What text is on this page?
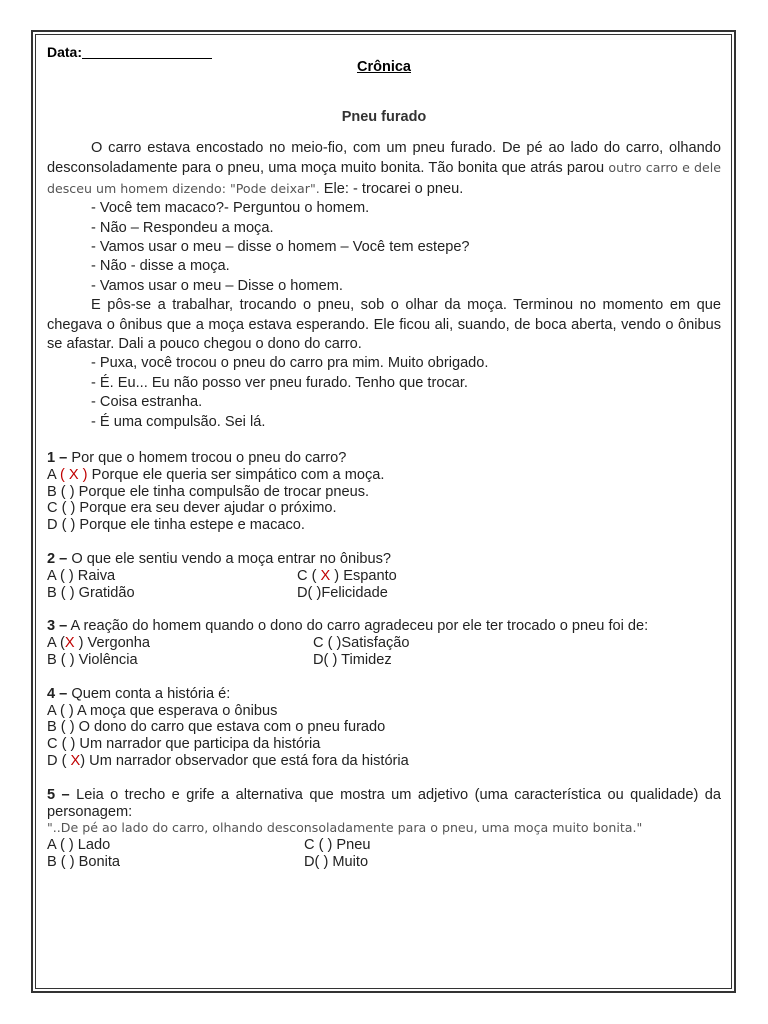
Data:
Crônica
Pneu furado

O carro estava encostado no meio-fio, com um pneu furado. De pé ao lado do carro, olhando desconsoladamente para o pneu, uma moça muito bonita. Tão bonita que atrás parou outro carro e dele desceu um homem dizendo: "Pode deixar". Ele: - trocarei o pneu.

- Você tem macaco?- Perguntou o homem.

- Não – Respondeu a moça.

- Vamos usar o meu – disse o homem – Você tem estepe?

- Não - disse a moça.

- Vamos usar o meu – Disse o homem.

E pôs-se a trabalhar, trocando o pneu, sob o olhar da moça. Terminou no momento em que chegava o ônibus que a moça estava esperando. Ele ficou ali, suando, de boca aberta, vendo o ônibus se afastar. Dali a pouco chegou o dono do carro.

- Puxa, você trocou o pneu do carro pra mim. Muito obrigado.

- É. Eu... Eu não posso ver pneu furado. Tenho que trocar.

- Coisa estranha.

- É uma compulsão. Sei lá.

1 – Por que o homem trocou o pneu do carro?

A ( X ) Porque ele queria ser simpático com a moça.

B ( ) Porque ele tinha compulsão de trocar pneus.

C ( ) Porque era seu dever ajudar o próximo.

D ( ) Porque ele tinha estepe e macaco.

2 – O que ele sentiu vendo a moça entrar no ônibus?

A ( ) Raiva	C ( X ) Espanto
B ( ) Gratidão	D( )Felicidade

3 – A reação do homem quando o dono do carro agradeceu por ele ter trocado o pneu foi de:

A (X ) Vergonha	C ( )Satisfação
B ( ) Violência	D( ) Timidez

4 – Quem conta a história é:

A ( ) A moça que esperava o ônibus

B ( ) O dono do carro que estava com o pneu furado

C ( ) Um narrador que participa da história

D ( X) Um narrador observador que está fora da história

5 – Leia o trecho e grife a alternativa que mostra um adjetivo (uma característica ou qualidade) da personagem:

"..De pé ao lado do carro, olhando desconsoladamente para o pneu, uma moça muito bonita."

A ( ) Lado	C ( ) Pneu
B ( ) Bonita	D( ) Muito
